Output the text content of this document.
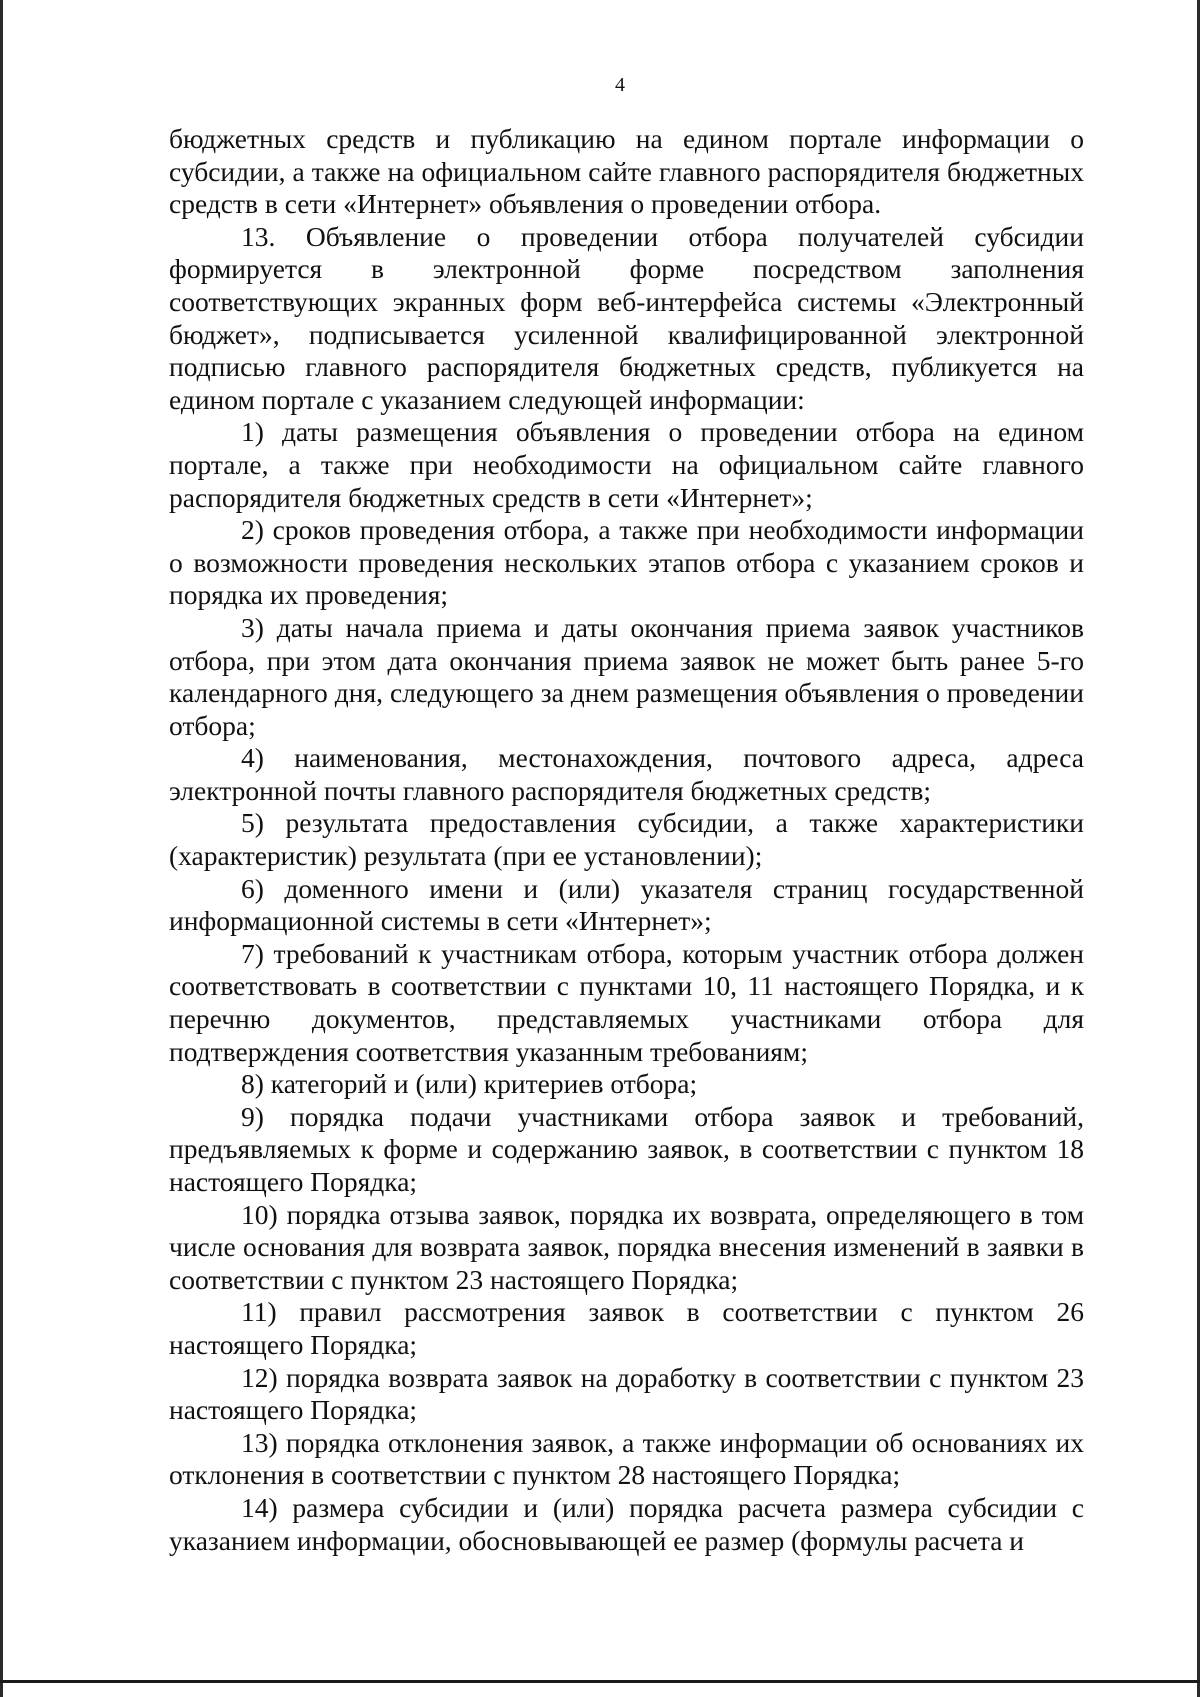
4

бюджетных средств и публикацию на едином портале информации о субсидии, а также на официальном сайте главного распорядителя бюджетных средств в сети «Интернет» объявления о проведении отбора.

13. Объявление о проведении отбора получателей субсидии формируется в электронной форме посредством заполнения соответствующих экранных форм веб-интерфейса системы «Электронный бюджет», подписывается усиленной квалифицированной электронной подписью главного распорядителя бюджетных средств, публикуется на едином портале с указанием следующей информации:

1) даты размещения объявления о проведении отбора на едином портале, а также при необходимости на официальном сайте главного распорядителя бюджетных средств в сети «Интернет»;

2) сроков проведения отбора, а также при необходимости информации о возможности проведения нескольких этапов отбора с указанием сроков и порядка их проведения;

3) даты начала приема и даты окончания приема заявок участников отбора, при этом дата окончания приема заявок не может быть ранее 5-го календарного дня, следующего за днем размещения объявления о проведении отбора;

4) наименования, местонахождения, почтового адреса, адреса электронной почты главного распорядителя бюджетных средств;

5) результата предоставления субсидии, а также характеристики (характеристик) результата (при ее установлении);

6) доменного имени и (или) указателя страниц государственной информационной системы в сети «Интернет»;

7) требований к участникам отбора, которым участник отбора должен соответствовать в соответствии с пунктами 10, 11 настоящего Порядка, и к перечню документов, представляемых участниками отбора для подтверждения соответствия указанным требованиям;

8) категорий и (или) критериев отбора;

9) порядка подачи участниками отбора заявок и требований, предъявляемых к форме и содержанию заявок, в соответствии с пунктом 18 настоящего Порядка;

10) порядка отзыва заявок, порядка их возврата, определяющего в том числе основания для возврата заявок, порядка внесения изменений в заявки в соответствии с пунктом 23 настоящего Порядка;

11) правил рассмотрения заявок в соответствии с пунктом 26 настоящего Порядка;

12) порядка возврата заявок на доработку в соответствии с пунктом 23 настоящего Порядка;

13) порядка отклонения заявок, а также информации об основаниях их отклонения в соответствии с пунктом 28 настоящего Порядка;

14) размера субсидии и (или) порядка расчета размера субсидии с указанием информации, обосновывающей ее размер (формулы расчета и
